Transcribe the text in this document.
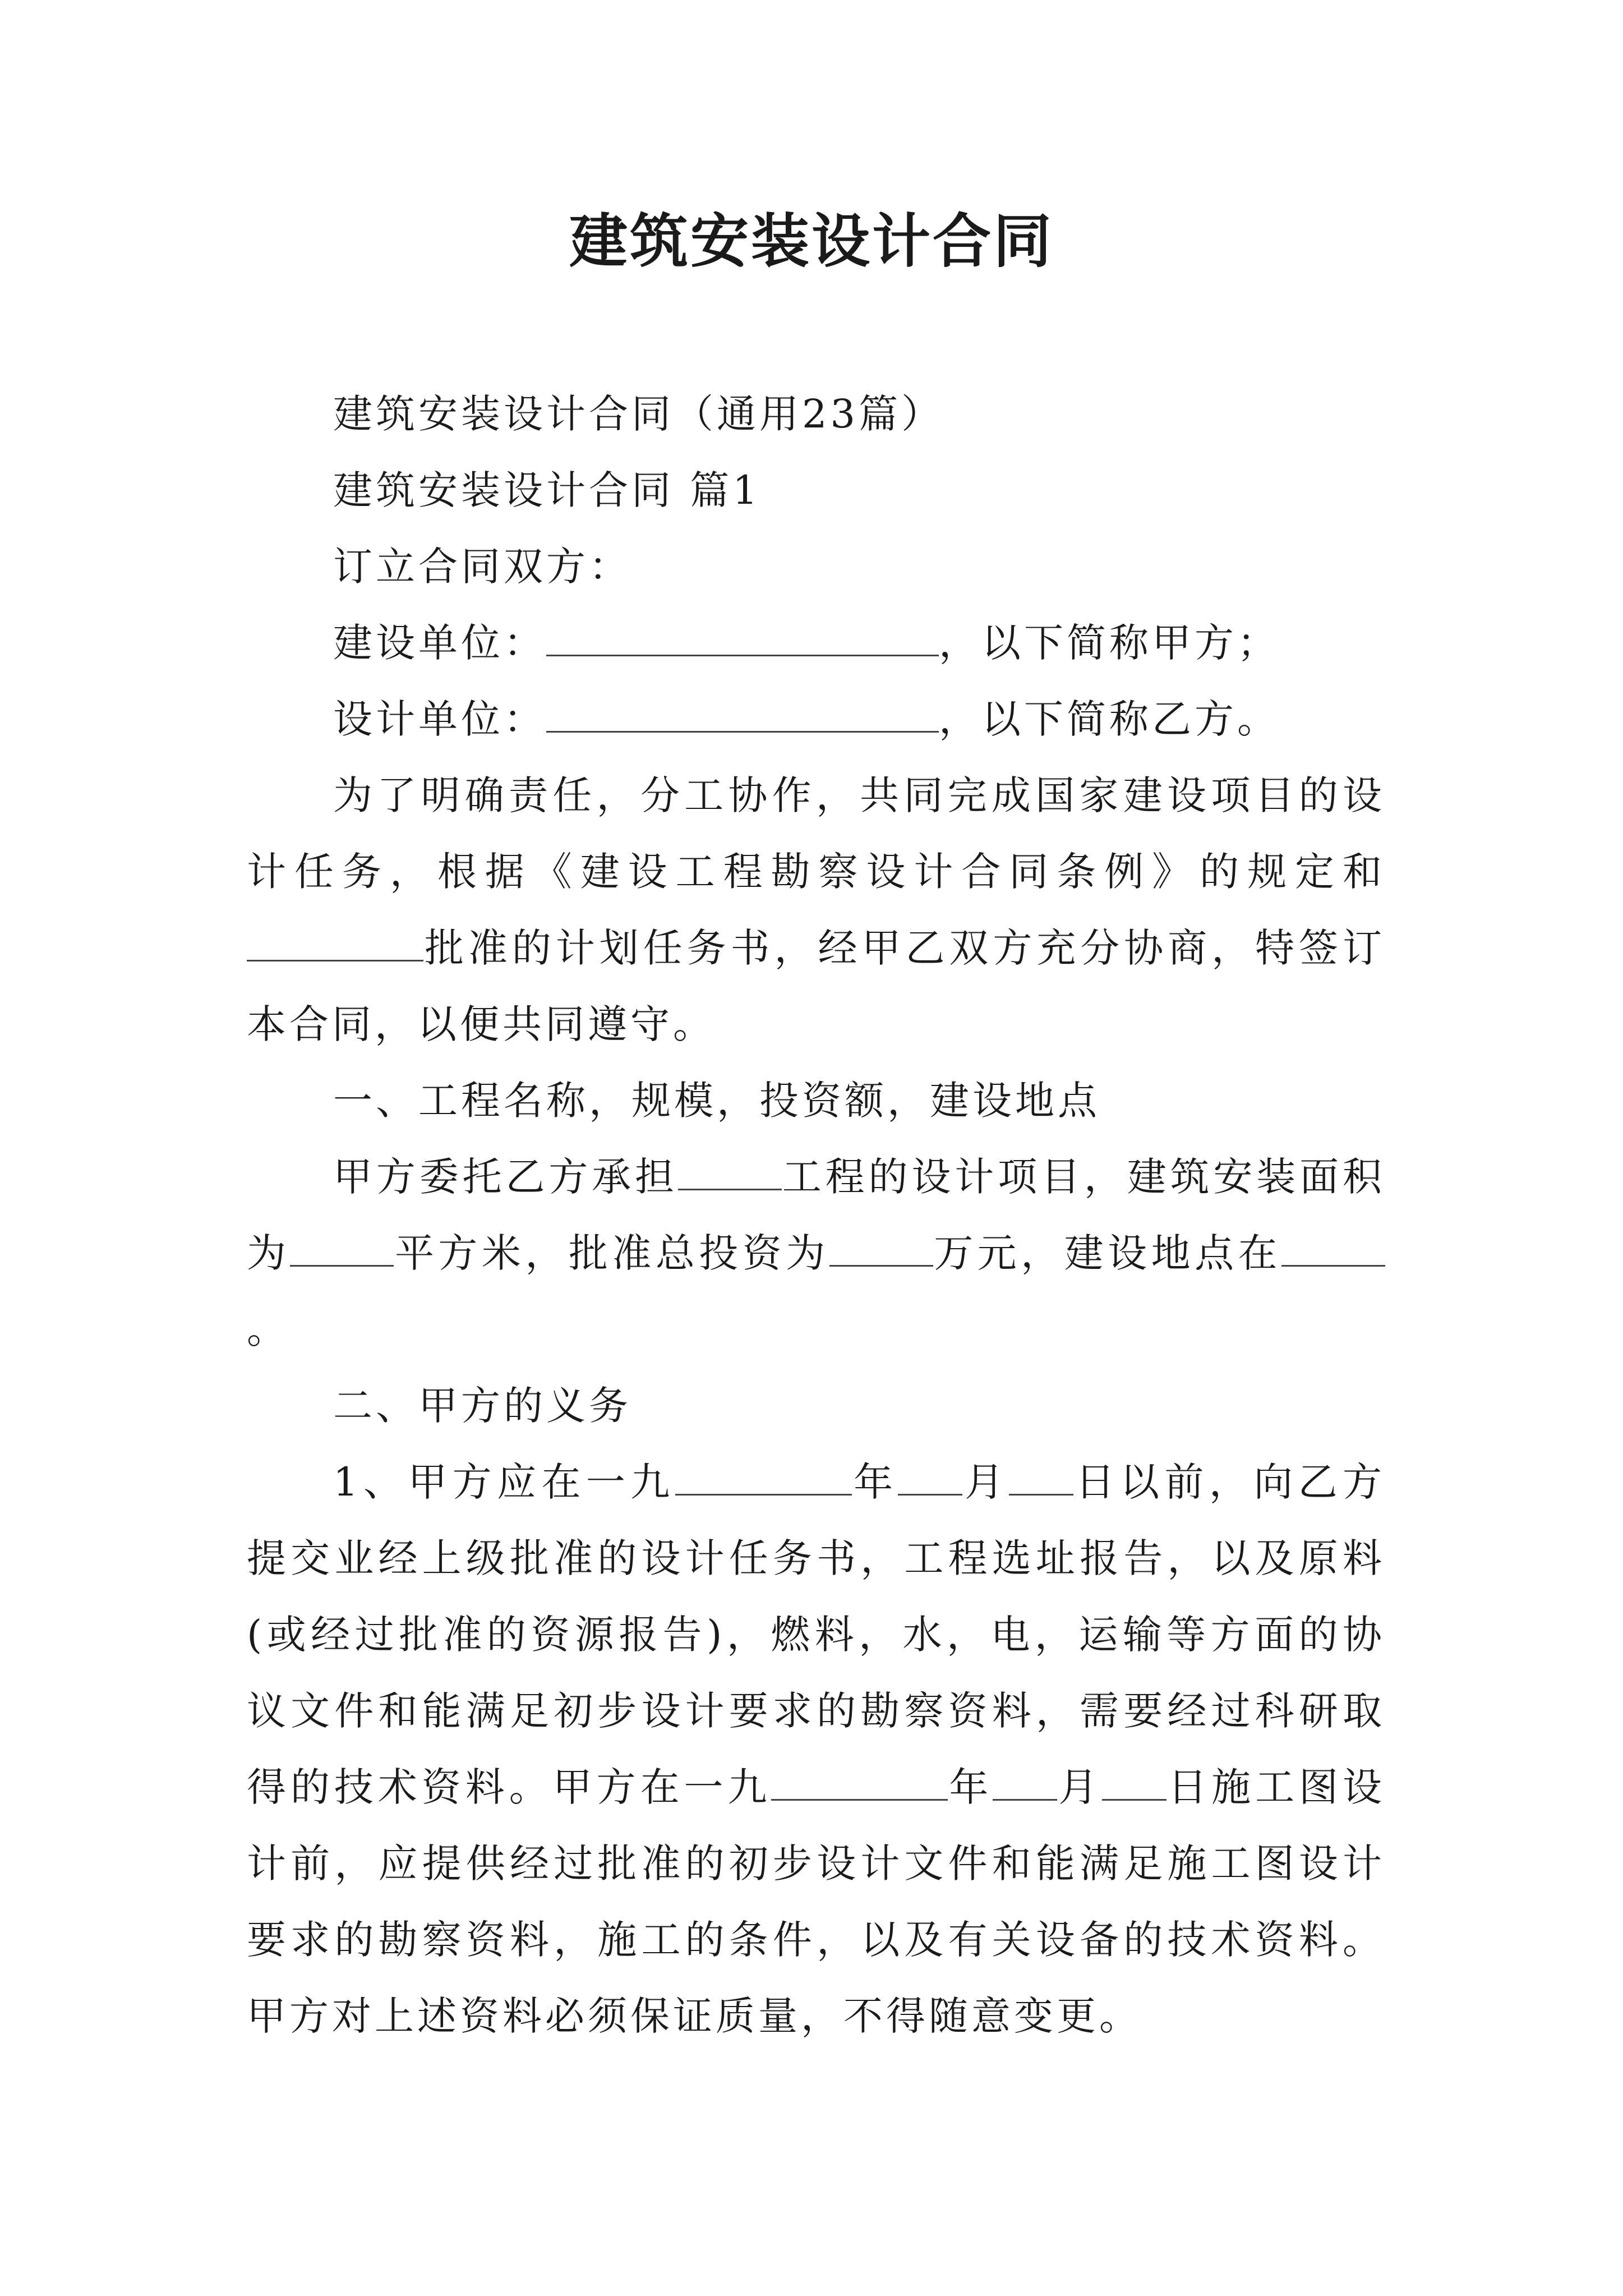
建筑安装设计合同

建筑安装设计合同（通用23篇）

建筑安装设计合同 篇1

订立合同双方：

建设单位：	，以下简称甲方；

设计单位：	，以下简称乙方。

为了明确责任，分工协作，共同完成国家建设项目的设计任务，根据《建设工程勘察设计合同条例》的规定和批准的计划任务书，经甲乙双方充分协商，特签订本合同，以便共同遵守。

一、工程名称，规模，投资额，建设地点

甲方委托乙方承担	工程的设计项目，建筑安装面积为	平方米，批准总投资为	万元，建设地点在。

二、甲方的义务

1、甲方应在一九	年 月 日以前，向乙方提交业经上级批准的设计任务书，工程选址报告，以及原料(或经过批准的资源报告)，燃料，水，电，运输等方面的协议文件和能满足初步设计要求的勘察资料，需要经过科研取得的技术资料。甲方在一九	年 月 日施工图设计前，应提供经过批准的初步设计文件和能满足施工图设计要求的勘察资料，施工的条件，以及有关设备的技术资料。甲方对上述资料必须保证质量，不得随意变更。
